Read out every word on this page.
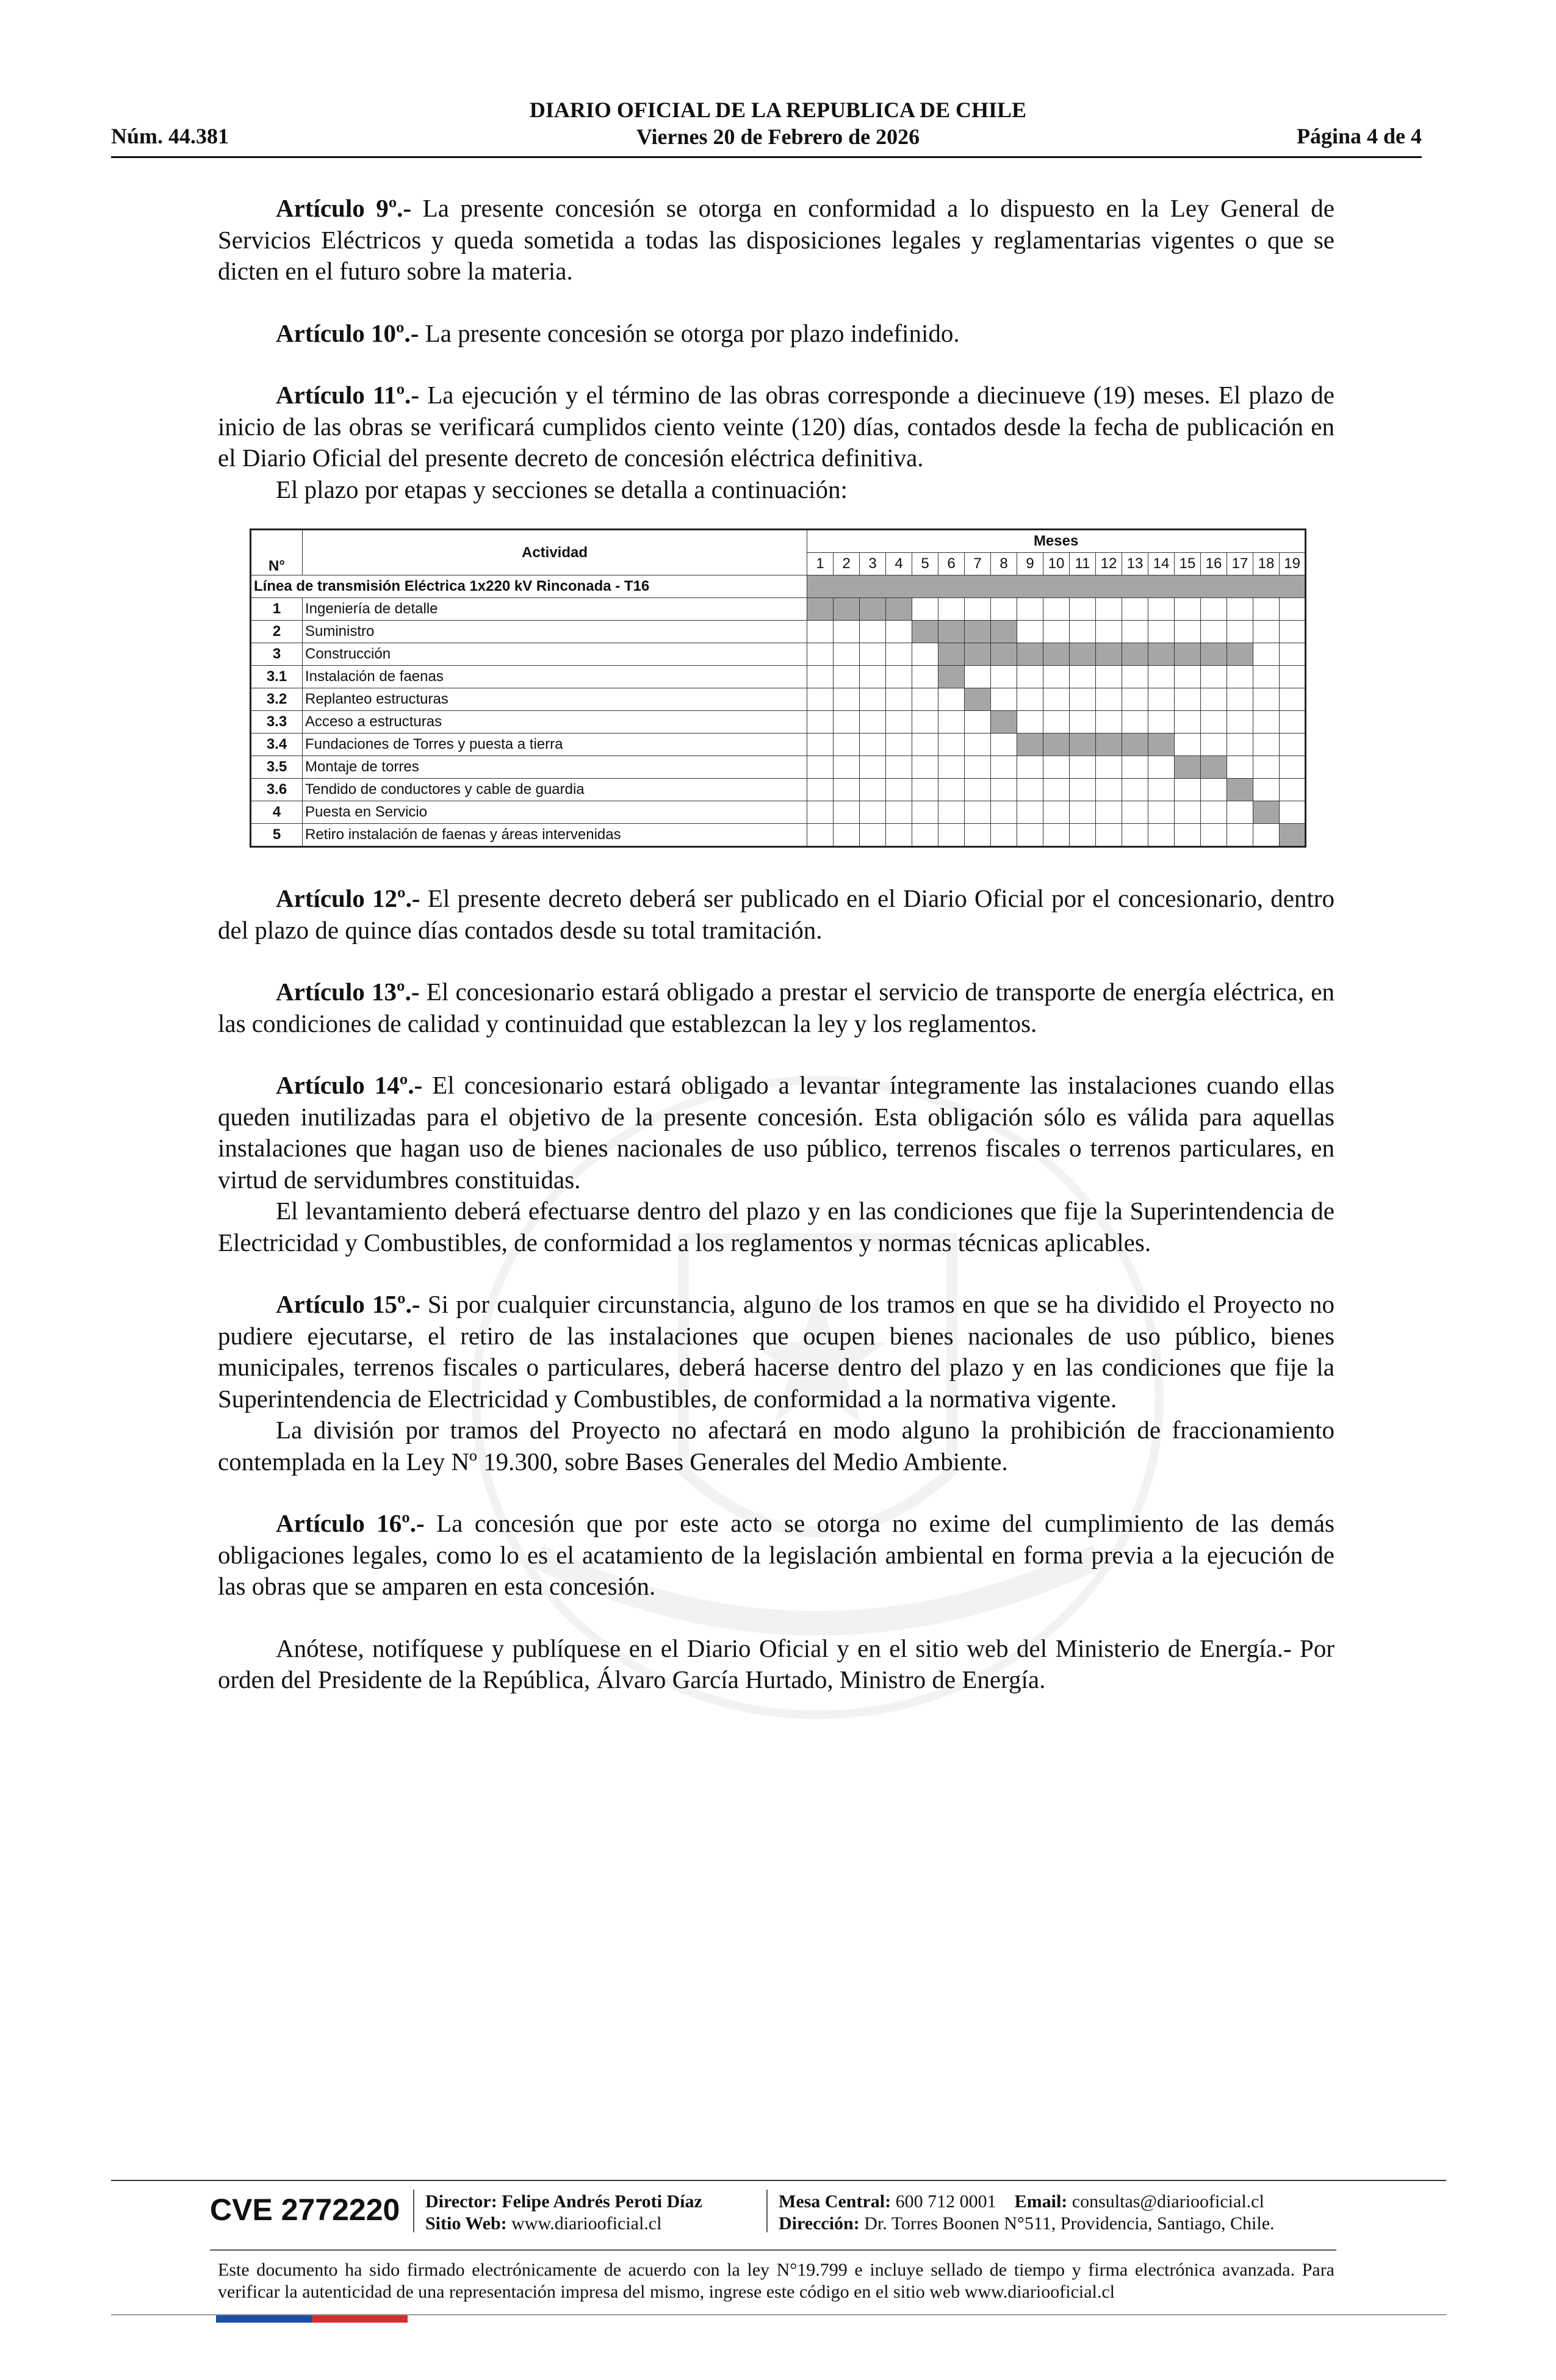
DIARIO OFICIAL DE LA REPUBLICA DE CHILE
Viernes 20 de Febrero de 2026
Núm. 44.381	Página 4 de 4

Artículo 9º.- La presente concesión se otorga en conformidad a lo dispuesto en la Ley General de Servicios Eléctricos y queda sometida a todas las disposiciones legales y reglamentarias vigentes o que se dicten en el futuro sobre la materia.

Artículo 10º.- La presente concesión se otorga por plazo indefinido.

Artículo 11º.- La ejecución y el término de las obras corresponde a diecinueve (19) meses. El plazo de inicio de las obras se verificará cumplidos ciento veinte (120) días, contados desde la fecha de publicación en el Diario Oficial del presente decreto de concesión eléctrica definitiva.

El plazo por etapas y secciones se detalla a continuación:

N°	Actividad	Meses																		
		1	2	3	4	5	6	7	8	9	10	11	12	13	14	15	16	17	18	19
Línea de transmisión Eléctrica 1x220 kV Rinconada - T16																				
1	Ingeniería de detalle																			
2	Suministro																			
3	Construcción																			
3.1	Instalación de faenas																			
3.2	Replanteo estructuras																			
3.3	Acceso a estructuras																			
3.4	Fundaciones de Torres y puesta a tierra																			
3.5	Montaje de torres																			
3.6	Tendido de conductores y cable de guardia																			
4	Puesta en Servicio																			
5	Retiro instalación de faenas y áreas intervenidas																			

Artículo 12º.- El presente decreto deberá ser publicado en el Diario Oficial por el concesionario, dentro del plazo de quince días contados desde su total tramitación.

Artículo 13º.- El concesionario estará obligado a prestar el servicio de transporte de energía eléctrica, en las condiciones de calidad y continuidad que establezcan la ley y los reglamentos.

Artículo 14º.- El concesionario estará obligado a levantar íntegramente las instalaciones cuando ellas queden inutilizadas para el objetivo de la presente concesión. Esta obligación sólo es válida para aquellas instalaciones que hagan uso de bienes nacionales de uso público, terrenos fiscales o terrenos particulares, en virtud de servidumbres constituidas.

El levantamiento deberá efectuarse dentro del plazo y en las condiciones que fije la Superintendencia de Electricidad y Combustibles, de conformidad a los reglamentos y normas técnicas aplicables.

Artículo 15º.- Si por cualquier circunstancia, alguno de los tramos en que se ha dividido el Proyecto no pudiere ejecutarse, el retiro de las instalaciones que ocupen bienes nacionales de uso público, bienes municipales, terrenos fiscales o particulares, deberá hacerse dentro del plazo y en las condiciones que fije la Superintendencia de Electricidad y Combustibles, de conformidad a la normativa vigente.

La división por tramos del Proyecto no afectará en modo alguno la prohibición de fraccionamiento contemplada en la Ley Nº 19.300, sobre Bases Generales del Medio Ambiente.

Artículo 16º.- La concesión que por este acto se otorga no exime del cumplimiento de las demás obligaciones legales, como lo es el acatamiento de la legislación ambiental en forma previa a la ejecución de las obras que se amparen en esta concesión.

Anótese, notifíquese y publíquese en el Diario Oficial y en el sitio web del Ministerio de Energía.- Por orden del Presidente de la República, Álvaro García Hurtado, Ministro de Energía.

CVE 2772220 Director: Felipe Andrés Peroti Díaz
Sitio Web: www.diariooficial.cl
Mesa Central: 600 712 0001 Email: consultas@diariooficial.cl
Dirección: Dr. Torres Boonen N°511, Providencia, Santiago, Chile.
Este documento ha sido firmado electrónicamente de acuerdo con la ley N°19.799 e incluye sellado de tiempo y firma electrónica avanzada. Para verificar la autenticidad de una representación impresa del mismo, ingrese este código en el sitio web www.diariooficial.cl
